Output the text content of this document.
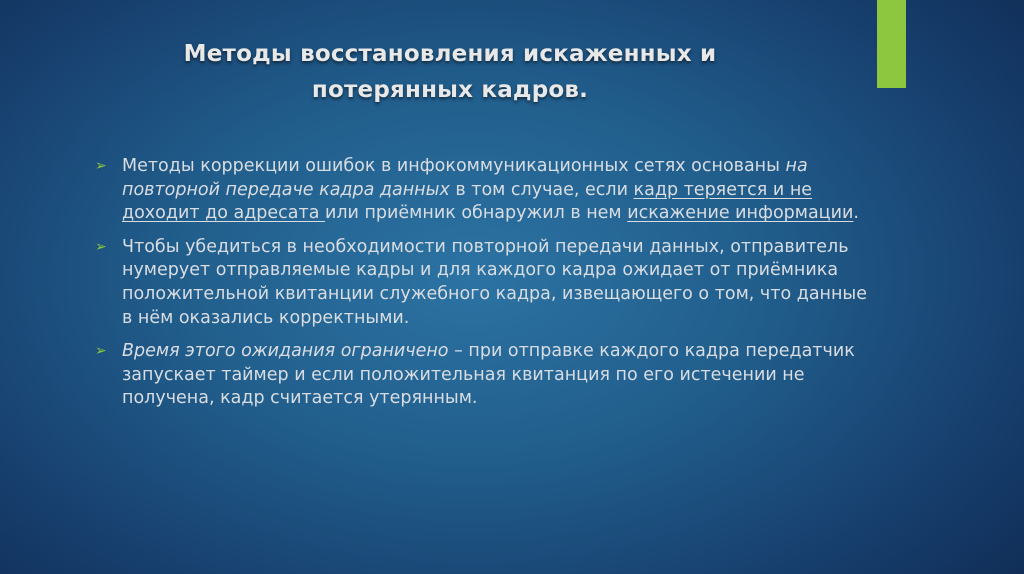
Методы восстановления искаженных и
потерянных кадров.
➢ Методы коррекции ошибок в инфокоммуникационных сетях основаны на повторной передаче кадра данных в том случае, если кадр теряется и не доходит до адресата или приёмник обнаружил в нем искажение информации.
➢ Чтобы убедиться в необходимости повторной передачи данных, отправитель нумерует отправляемые кадры и для каждого кадра ожидает от приёмника положительной квитанции служебного кадра, извещающего о том, что данные в нём оказались корректными.
➢ Время этого ожидания ограничено – при отправке каждого кадра передатчик запускает таймер и если положительная квитанция по его истечении не получена, кадр считается утерянным.
